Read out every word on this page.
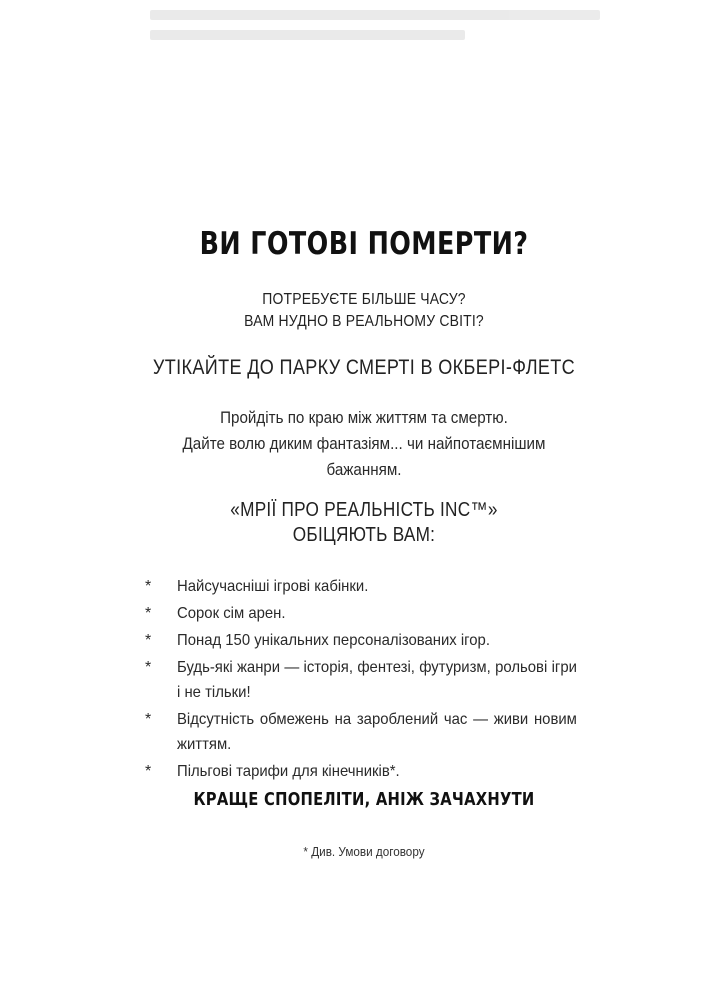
ВИ ГОТОВІ ПОМЕРТИ?
ПОТРЕБУЄТЕ БІЛЬШЕ ЧАСУ?
ВАМ НУДНО В РЕАЛЬНОМУ СВІТІ?
УТІКАЙТЕ ДО ПАРКУ СМЕРТІ В ОКБЕРІ-ФЛЕТС
Пройдіть по краю між життям та смертю.
Дайте волю диким фантазіям... чи найпотаємнішим
бажанням.
«МРІЇ ПРО РЕАЛЬНІСТЬ INC™»
ОБІЦЯЮТЬ ВАМ:
* Найсучасніші ігрові кабінки.
* Сорок сім арен.
* Понад 150 унікальних персоналізованих ігор.
* Будь-які жанри — історія, фентезі, футуризм, рольові ігри і не тільки!
* Відсутність обмежень на зароблений час — живи новим життям.
* Пільгові тарифи для кінечників*.
КРАЩЕ СПОПЕЛІТИ, АНІЖ ЗАЧАХНУТИ
* Див. Умови договору
